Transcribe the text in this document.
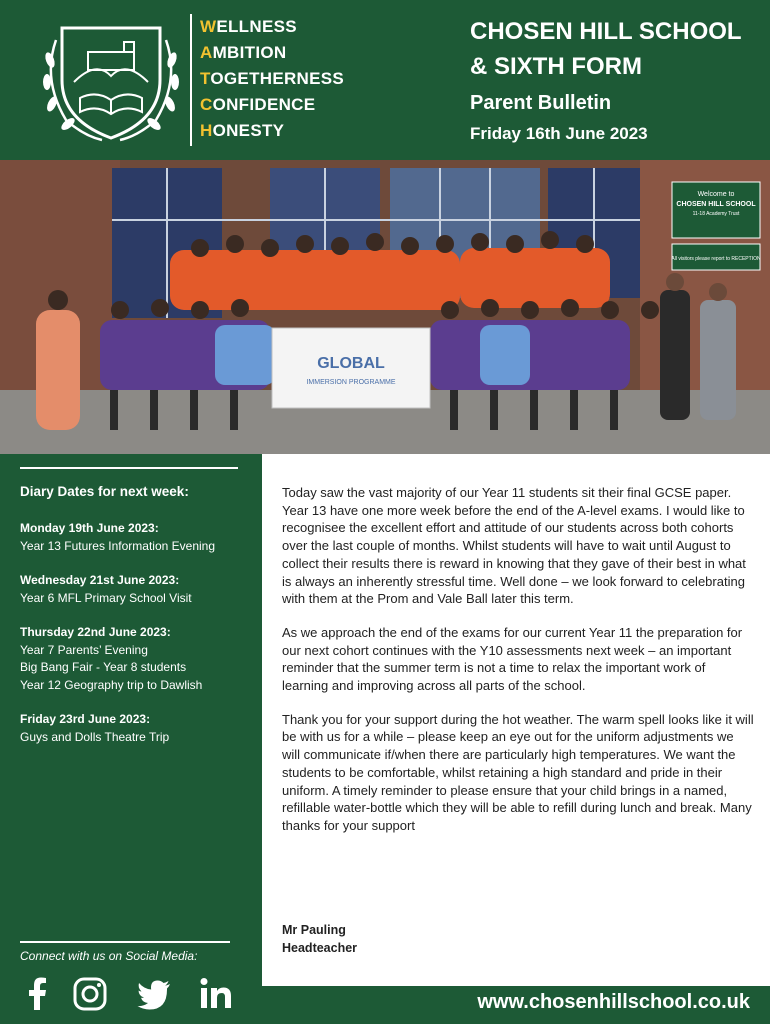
WELLNESS
AMBITION
TOGETHERNESS
CONFIDENCE
HONESTY
CHOSEN HILL SCHOOL
& SIXTH FORM
Parent Bulletin
Friday 16th June 2023
Welcome to
CHOSEN HILL SCHOOL
11-18 Academy Trust
All visitors please report to RECEPTION
GLOBAL
IMMERSION PROGRAMME
Diary Dates for next week:
Monday 19th June 2023:
Year 13 Futures Information Evening
Wednesday 21st June 2023:
Year 6 MFL Primary School Visit
Thursday 22nd June 2023:
Year 7 Parents’ Evening
Big Bang Fair - Year 8 students
Year 12 Geography trip to Dawlish
Friday 23rd June 2023:
Guys and Dolls Theatre Trip
Connect with us on Social Media:

Today saw the vast majority of our Year 11 students sit their final GCSE paper. Year 13 have one more week before the end of the A-level exams. I would like to recognisee the excellent effort and attitude of our students across both cohorts over the last couple of months. Whilst students will have to wait until August to collect their results there is reward in knowing that they gave of their best in what is always an inherently stressful time. Well done – we look forward to celebrating with them at the Prom and Vale Ball later this term.

As we approach the end of the exams for our current Year 11 the preparation for our next cohort continues with the Y10 assessments next week – an important reminder that the summer term is not a time to relax the important work of learning and improving across all parts of the school.

Thank you for your support during the hot weather. The warm spell looks like it will be with us for a while – please keep an eye out for the uniform adjustments we will communicate if/when there are particularly high temperatures. We want the students to be comfortable, whilst retaining a high standard and pride in their uniform. A timely reminder to please ensure that your child brings in a named, refillable water-bottle which they will be able to refill during lunch and break. Many thanks for your support

Mr Pauling
Headteacher
www.chosenhillschool.co.uk
